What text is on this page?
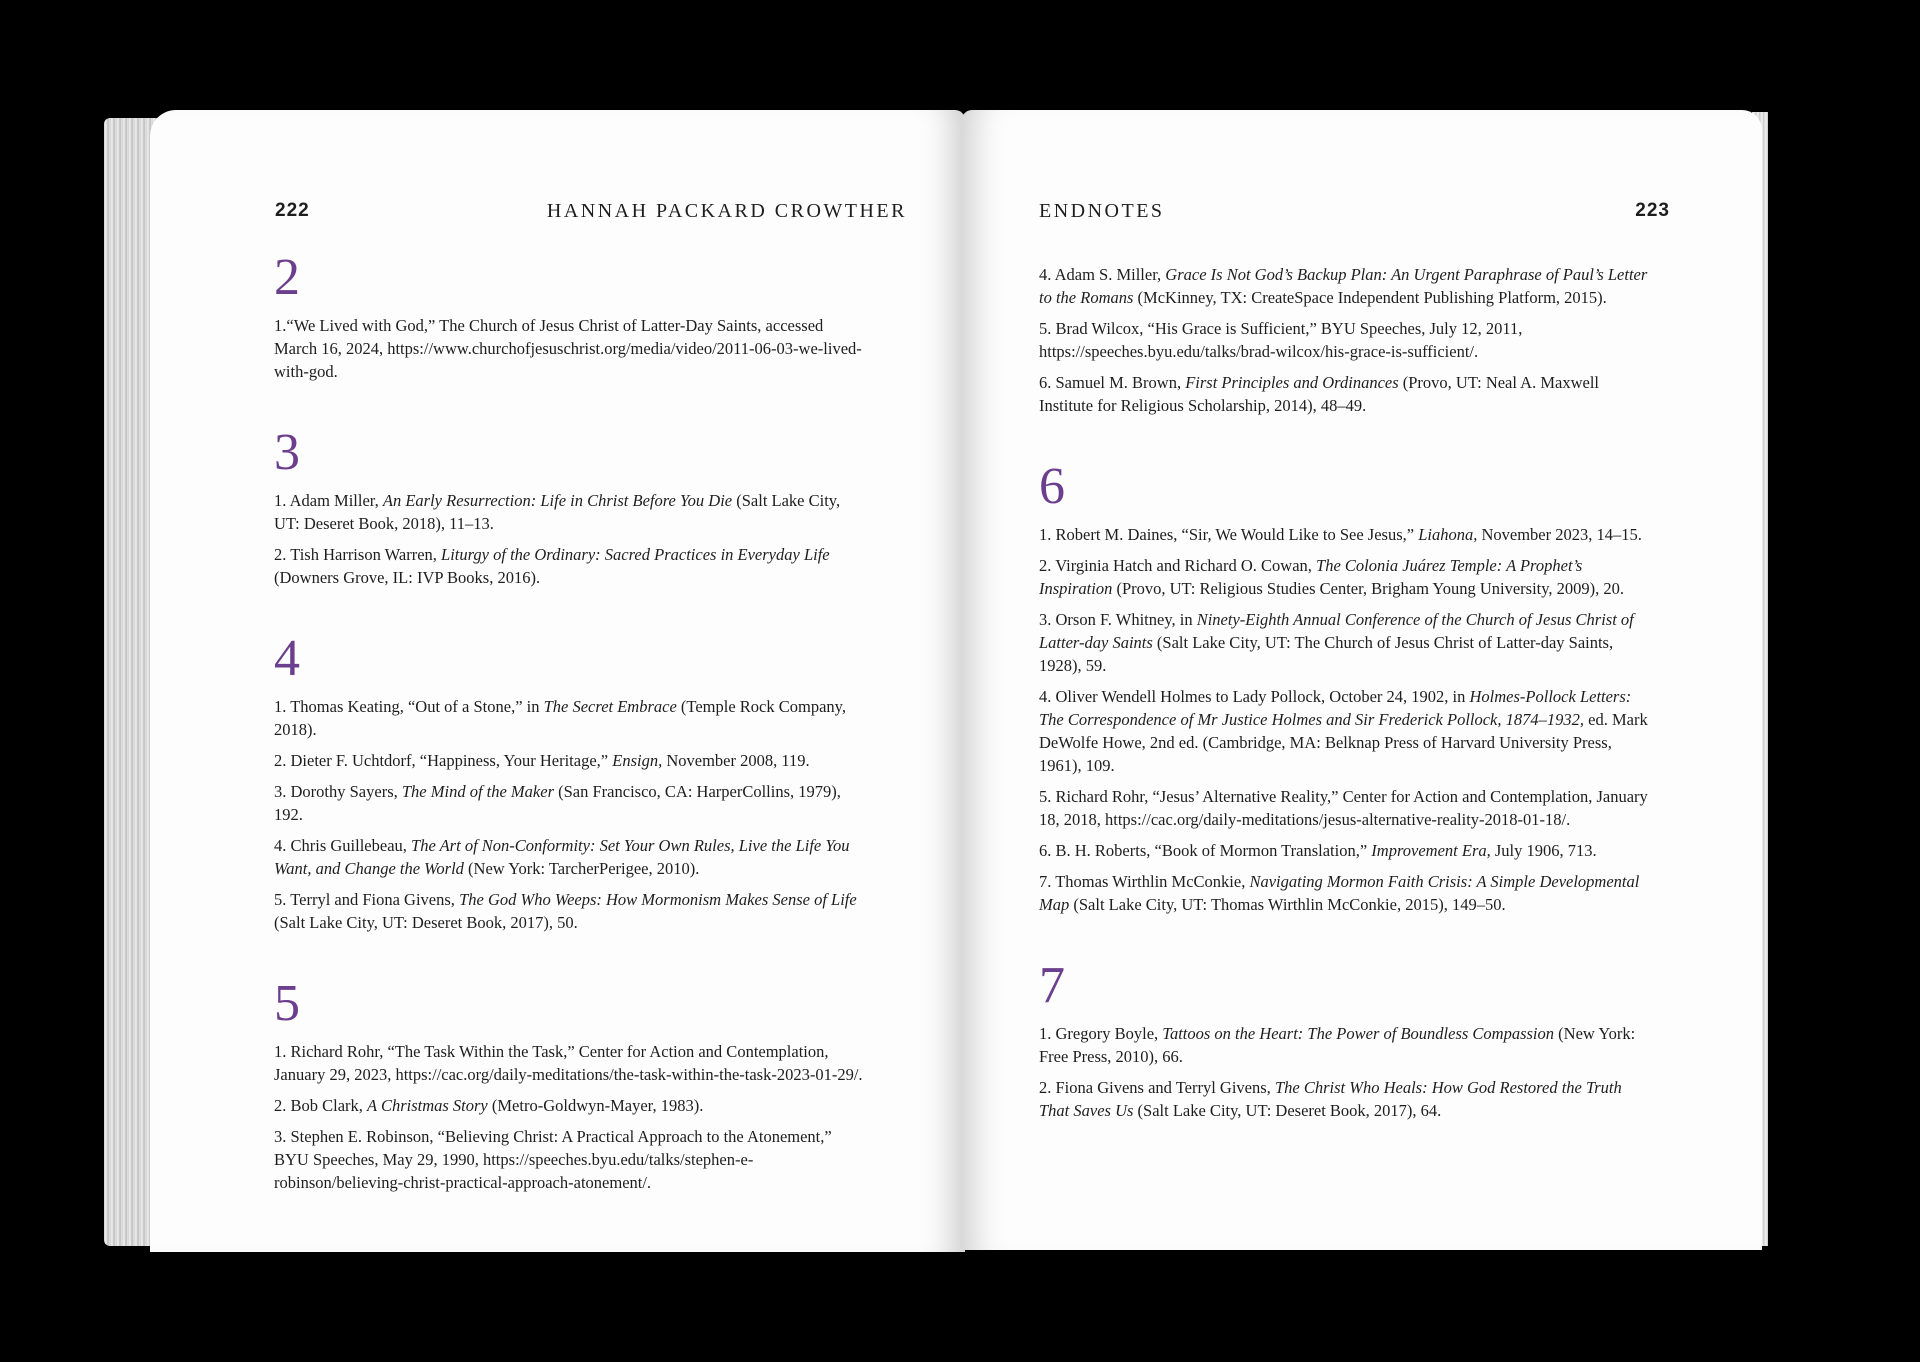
222	HANNAH PACKARD CROWTHER
2

1.“We Lived with God,” The Church of Jesus Christ of Latter-Day Saints, accessed March 16, 2024, https://www.churchofjesuschrist.org/media/video/2011-06-03-we-lived-with-god.

3

1. Adam Miller, An Early Resurrection: Life in Christ Before You Die (Salt Lake City, UT: Deseret Book, 2018), 11–13.

2. Tish Harrison Warren, Liturgy of the Ordinary: Sacred Practices in Everyday Life (Downers Grove, IL: IVP Books, 2016).

4

1. Thomas Keating, “Out of a Stone,” in The Secret Embrace (Temple Rock Company, 2018).

2. Dieter F. Uchtdorf, “Happiness, Your Heritage,” Ensign, November 2008, 119.

3. Dorothy Sayers, The Mind of the Maker (San Francisco, CA: HarperCollins, 1979), 192.

4. Chris Guillebeau, The Art of Non-Conformity: Set Your Own Rules, Live the Life You Want, and Change the World (New York: TarcherPerigee, 2010).

5. Terryl and Fiona Givens, The God Who Weeps: How Mormonism Makes Sense of Life (Salt Lake City, UT: Deseret Book, 2017), 50.

5

1. Richard Rohr, “The Task Within the Task,” Center for Action and Contemplation, January 29, 2023, https://cac.org/daily-meditations/the-task-within-the-task-2023-01-29/.

2. Bob Clark, A Christmas Story (Metro-Goldwyn-Mayer, 1983).

3. Stephen E. Robinson, “Believing Christ: A Practical Approach to the Atonement,” BYU Speeches, May 29, 1990, https://speeches.byu.edu/talks/stephen-e-robinson/believing-christ-practical-approach-atonement/.

ENDNOTES	223

4. Adam S. Miller, Grace Is Not God’s Backup Plan: An Urgent Paraphrase of Paul’s Letter to the Romans (McKinney, TX: CreateSpace Independent Publishing Platform, 2015).

5. Brad Wilcox, “His Grace is Sufficient,” BYU Speeches, July 12, 2011, https://speeches.byu.edu/talks/brad-wilcox/his-grace-is-sufficient/.

6. Samuel M. Brown, First Principles and Ordinances (Provo, UT: Neal A. Maxwell Institute for Religious Scholarship, 2014), 48–49.

6

1. Robert M. Daines, “Sir, We Would Like to See Jesus,” Liahona, November 2023, 14–15.

2. Virginia Hatch and Richard O. Cowan, The Colonia Juárez Temple: A Prophet’s Inspiration (Provo, UT: Religious Studies Center, Brigham Young University, 2009), 20.

3. Orson F. Whitney, in Ninety-Eighth Annual Conference of the Church of Jesus Christ of Latter-day Saints (Salt Lake City, UT: The Church of Jesus Christ of Latter-day Saints, 1928), 59.

4. Oliver Wendell Holmes to Lady Pollock, October 24, 1902, in Holmes-Pollock Letters: The Correspondence of Mr Justice Holmes and Sir Frederick Pollock, 1874–1932, ed. Mark DeWolfe Howe, 2nd ed. (Cambridge, MA: Belknap Press of Harvard University Press, 1961), 109.

5. Richard Rohr, “Jesus’ Alternative Reality,” Center for Action and Contemplation, January 18, 2018, https://cac.org/daily-meditations/jesus-alternative-reality-2018-01-18/.

6. B. H. Roberts, “Book of Mormon Translation,” Improvement Era, July 1906, 713.

7. Thomas Wirthlin McConkie, Navigating Mormon Faith Crisis: A Simple Developmental Map (Salt Lake City, UT: Thomas Wirthlin McConkie, 2015), 149–50.

7

1. Gregory Boyle, Tattoos on the Heart: The Power of Boundless Compassion (New York: Free Press, 2010), 66.

2. Fiona Givens and Terryl Givens, The Christ Who Heals: How God Restored the Truth That Saves Us (Salt Lake City, UT: Deseret Book, 2017), 64.
